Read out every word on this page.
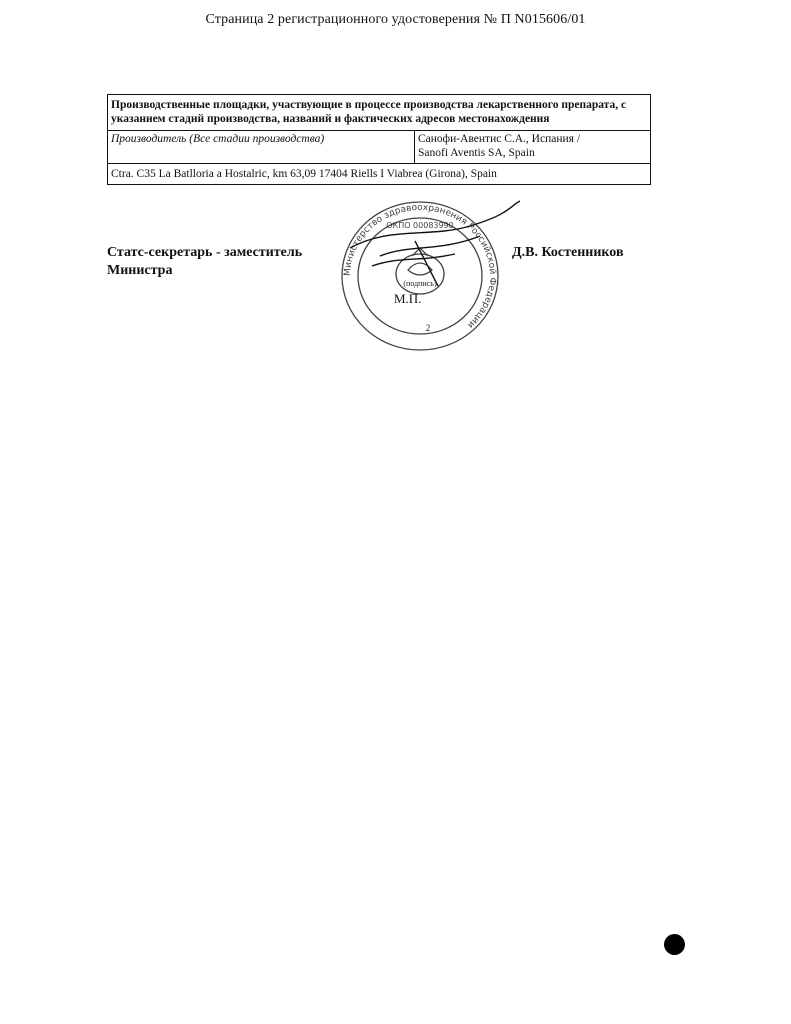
Страница 2 регистрационного удостоверения № П N015606/01
Производственные площадки, участвующие в процессе производства лекарственного препарата, с указанием стадий производства, названий и фактических адресов местонахождения
Производитель (Все стадии производства)	Санофи-Авентис С.А., Испания /
Sanofi Aventis SA, Spain

Ctra. C35 La Batlloria a Hostalric, km 63,09 17404 Riells I Viabrea (Girona), Spain
Статс-секретарь - заместитель
Министра
Д.В. Костенников
Министерство здравоохранения Российской Федерации
ОКПО 00083990
(подпись)
2
М.П.
